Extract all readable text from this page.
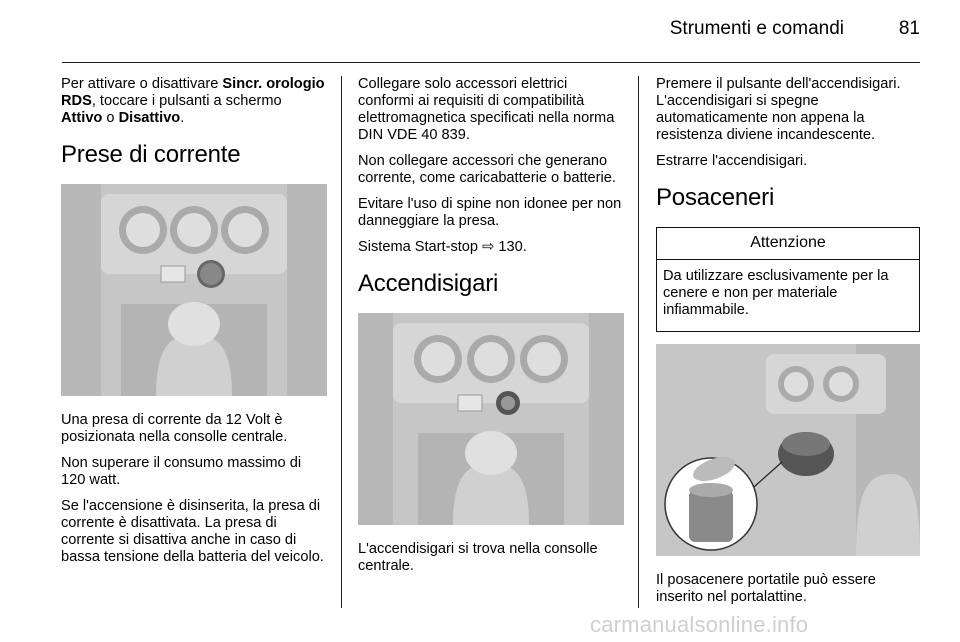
Strumenti e comandi	81

Per attivare o disattivare Sincr. orologio RDS, toccare i pulsanti a schermo Attivo o Disattivo.

Prese di corrente

Una presa di corrente da 12 Volt è posizionata nella consolle centrale.

Non superare il consumo massimo di 120 watt.

Se l'accensione è disinserita, la presa di corrente è disattivata. La presa di corrente si disattiva anche in caso di bassa tensione della batteria del veicolo.

Collegare solo accessori elettrici conformi ai requisiti di compatibilità elettromagnetica specificati nella norma DIN VDE 40 839.

Non collegare accessori che generano corrente, come caricabatterie o batterie.

Evitare l'uso di spine non idonee per non danneggiare la presa.

Sistema Start-stop ⇨ 130.

Accendisigari

L'accendisigari si trova nella consolle centrale.

Premere il pulsante dell'accendisigari. L'accendisigari si spegne automaticamente non appena la resistenza diviene incandescente.

Estrarre l'accendisigari.

Posaceneri
Attenzione

Da utilizzare esclusivamente per la cenere e non per materiale infiammabile.

Il posacenere portatile può essere inserito nel portalattine.

carmanualsonline.info
